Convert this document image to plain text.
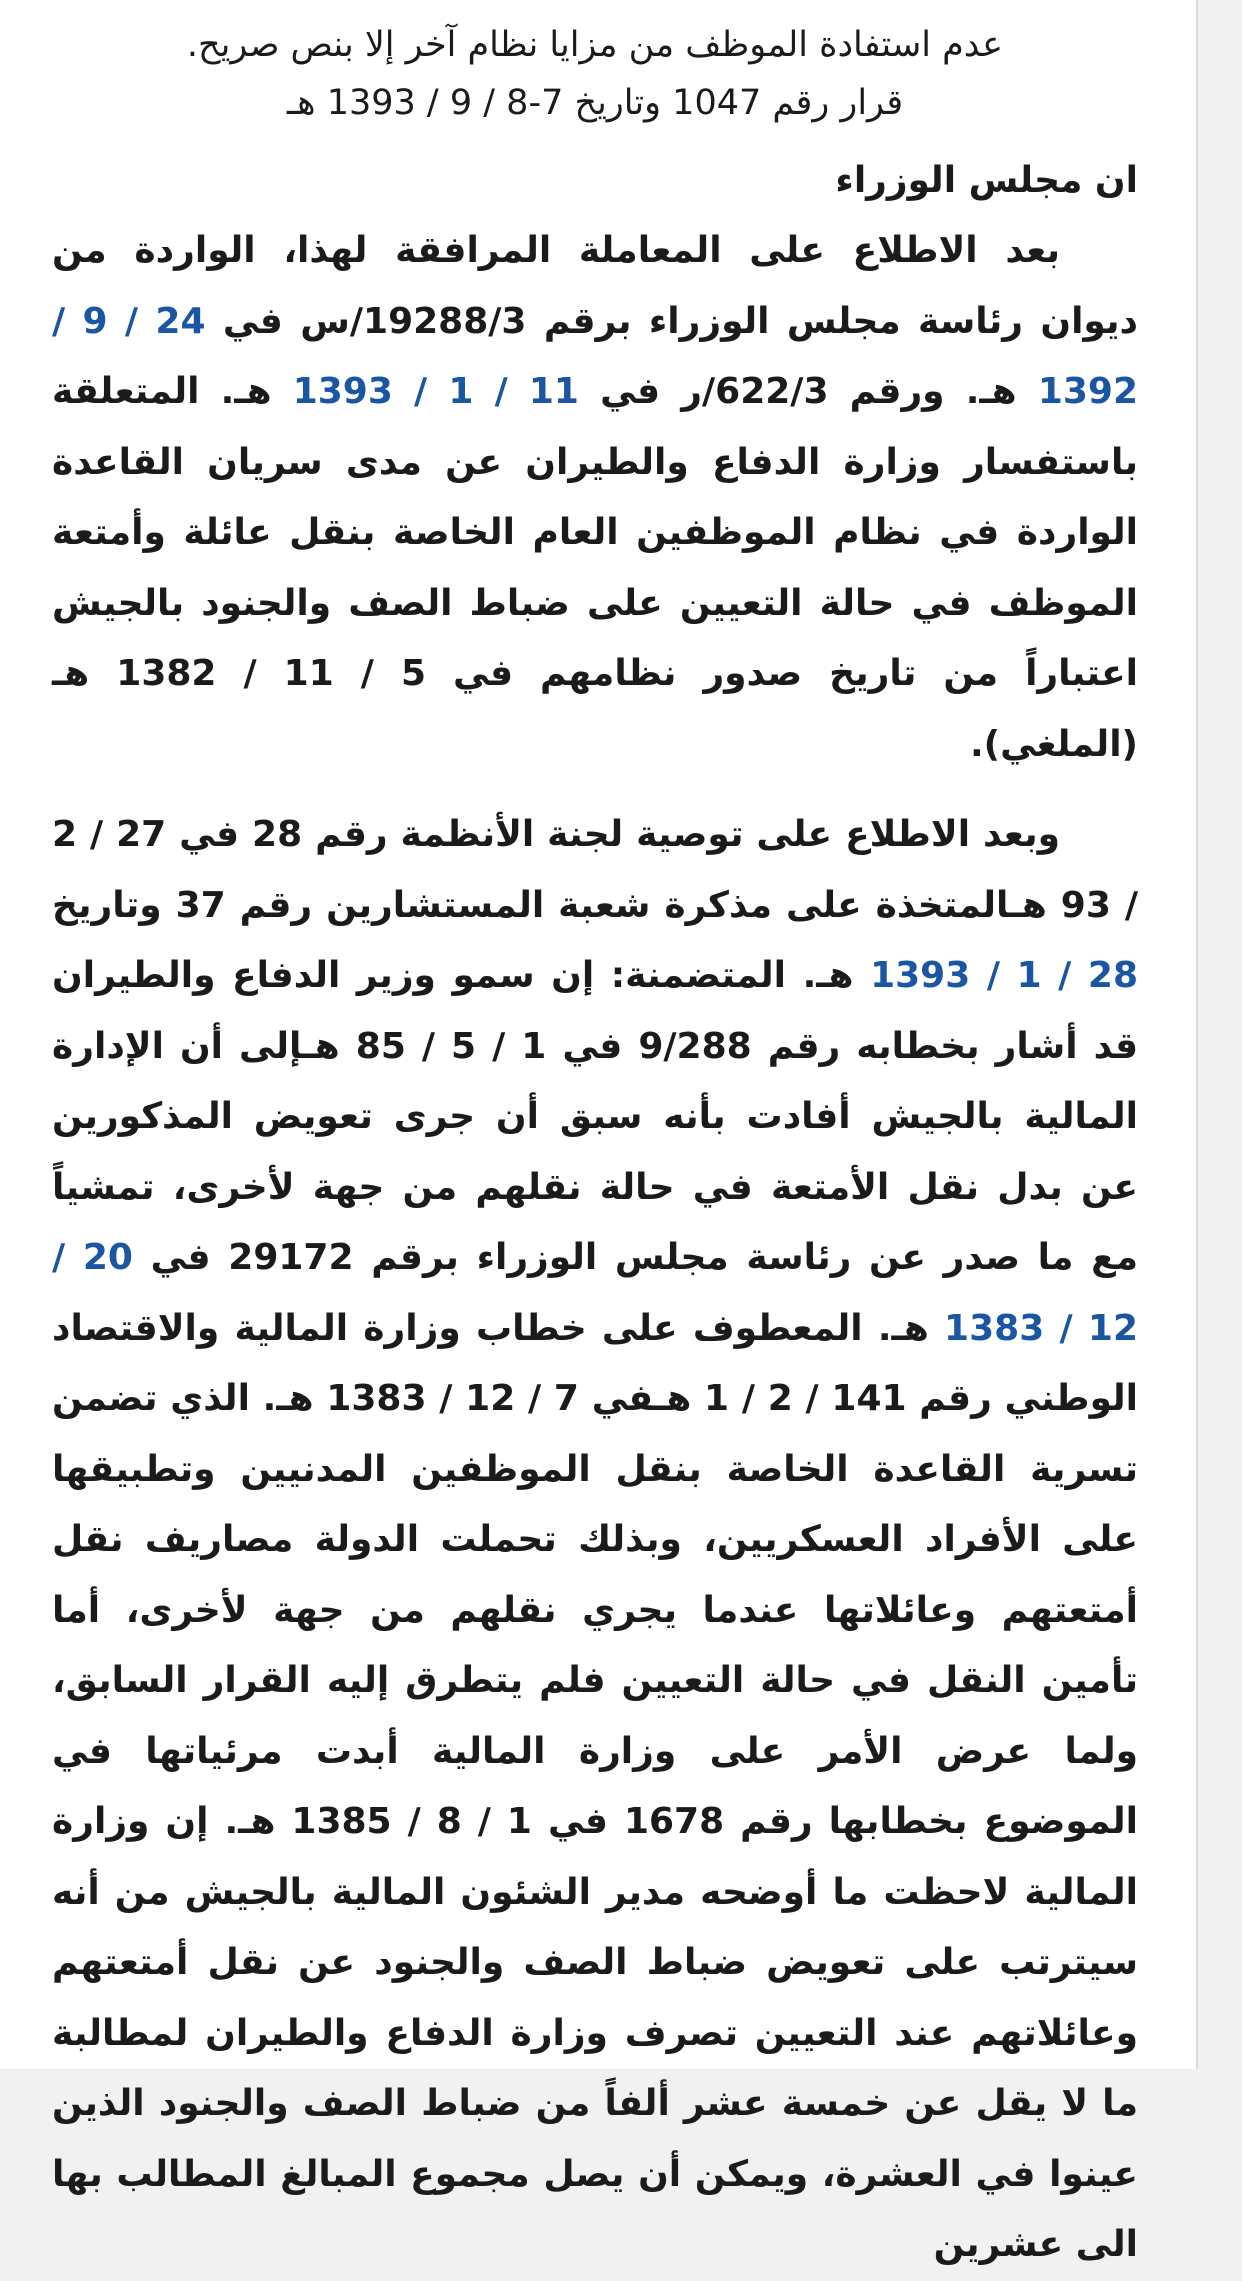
عدم استفادة الموظف من مزايا نظام آخر إلا بنص صريح.
قرار رقم 1047 وتاريخ 7-8 / 9 / 1393 هـ

ان مجلس الوزراء

بعد الاطلاع على المعاملة المرافقة لهذا، الواردة من ديوان رئاسة مجلس الوزراء برقم 19288/3/س في 24 / 9 / 1392 هـ. ورقم 622/3/ر في 11 / 1 / 1393 هـ. المتعلقة باستفسار وزارة الدفاع والطيران عن مدى سريان القاعدة الواردة في نظام الموظفين العام الخاصة بنقل عائلة وأمتعة الموظف في حالة التعيين على ضباط الصف والجنود بالجيش اعتباراً من تاريخ صدور نظامهم في 5 / 11 / 1382 هـ (الملغي).

وبعد الاطلاع على توصية لجنة الأنظمة رقم 28 في 27 / 2 / 93 هـالمتخذة على مذكرة شعبة المستشارين رقم 37 وتاريخ 28 / 1 / 1393 هـ. المتضمنة: إن سمو وزير الدفاع والطيران قد أشار بخطابه رقم 9/288 في 1 / 5 / 85 هـإلى أن الإدارة المالية بالجيش أفادت بأنه سبق أن جرى تعويض المذكورين عن بدل نقل الأمتعة في حالة نقلهم من جهة لأخرى، تمشياً مع ما صدر عن رئاسة مجلس الوزراء برقم 29172 في 20 / 12 / 1383 هـ. المعطوف على خطاب وزارة المالية والاقتصاد الوطني رقم 141 / 2 / 1 هـفي 7 / 12 / 1383 هـ. الذي تضمن تسرية القاعدة الخاصة بنقل الموظفين المدنيين وتطبيقها على الأفراد العسكريين، وبذلك تحملت الدولة مصاريف نقل أمتعتهم وعائلاتها عندما يجري نقلهم من جهة لأخرى، أما تأمين النقل في حالة التعيين فلم يتطرق إليه القرار السابق، ولما عرض الأمر على وزارة المالية أبدت مرئياتها في الموضوع بخطابها رقم 1678 في 1 / 8 / 1385 هـ. إن وزارة المالية لاحظت ما أوضحه مدير الشئون المالية بالجيش من أنه سيترتب على تعويض ضباط الصف والجنود عن نقل أمتعتهم وعائلاتهم عند التعيين تصرف وزارة الدفاع والطيران لمطالبة ما لا يقل عن خمسة عشر ألفاً من ضباط الصف والجنود الذين عينوا في العشرة، ويمكن أن يصل مجموع المبالغ المطالب بها الى عشرين
